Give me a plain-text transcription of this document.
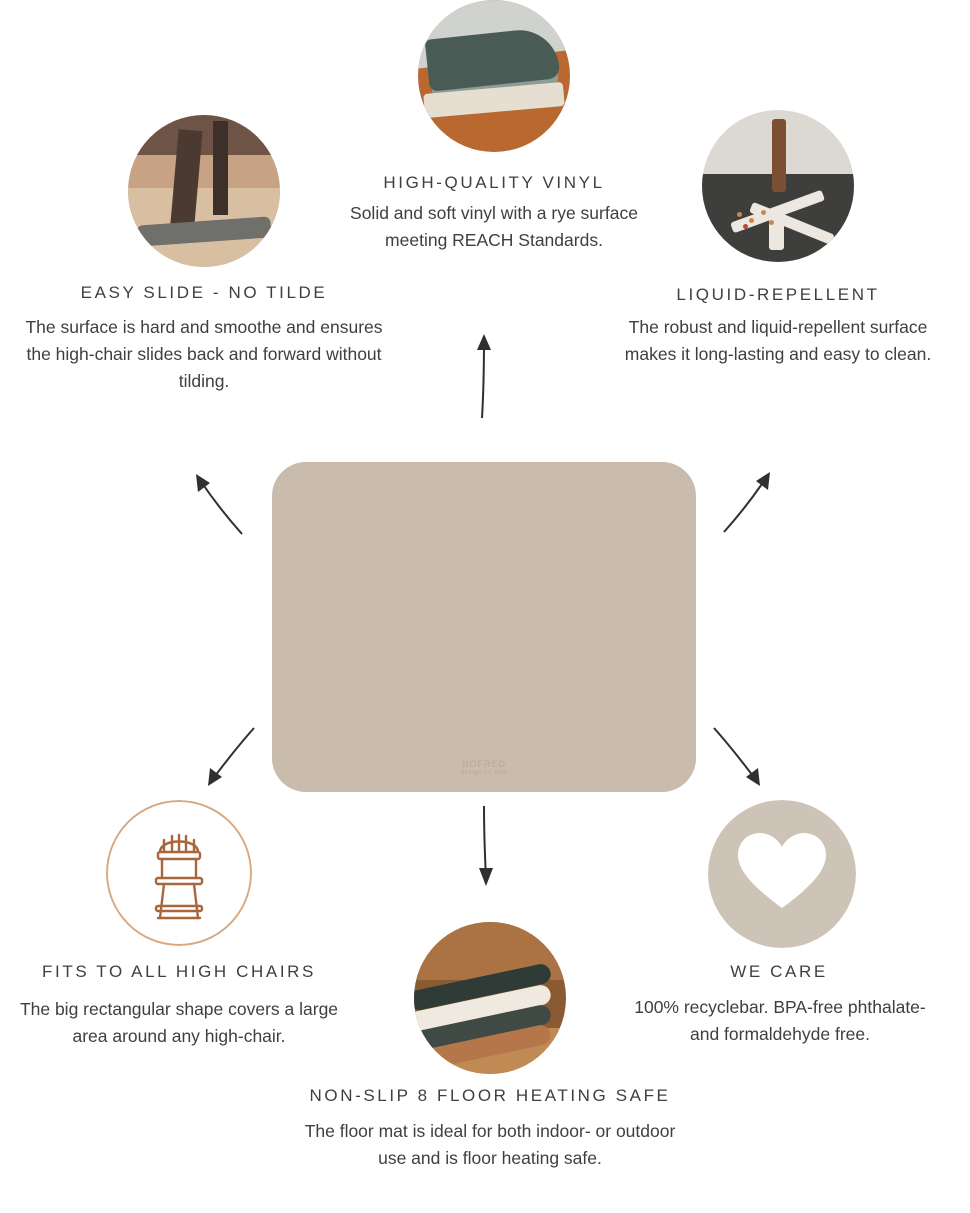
HIGH-QUALITY VINYL
Solid and soft vinyl with a rye surface meeting REACH Standards.
EASY SLIDE - NO TILDE
The surface is hard and smoothe and ensures the high-chair slides back and forward without tilding.
LIQUID-REPELLENT
The robust and liquid-repellent surface makes it long-lasting and easy to clean.
NOFRED
design for kids
FITS TO ALL HIGH CHAIRS
The big rectangular shape covers a large area around any high-chair.
NON-SLIP 8 FLOOR HEATING SAFE
The floor mat is ideal for both indoor- or outdoor use and is floor heating safe.
WE CARE
100% recyclebar. BPA-free phthalate- and formaldehyde free.
